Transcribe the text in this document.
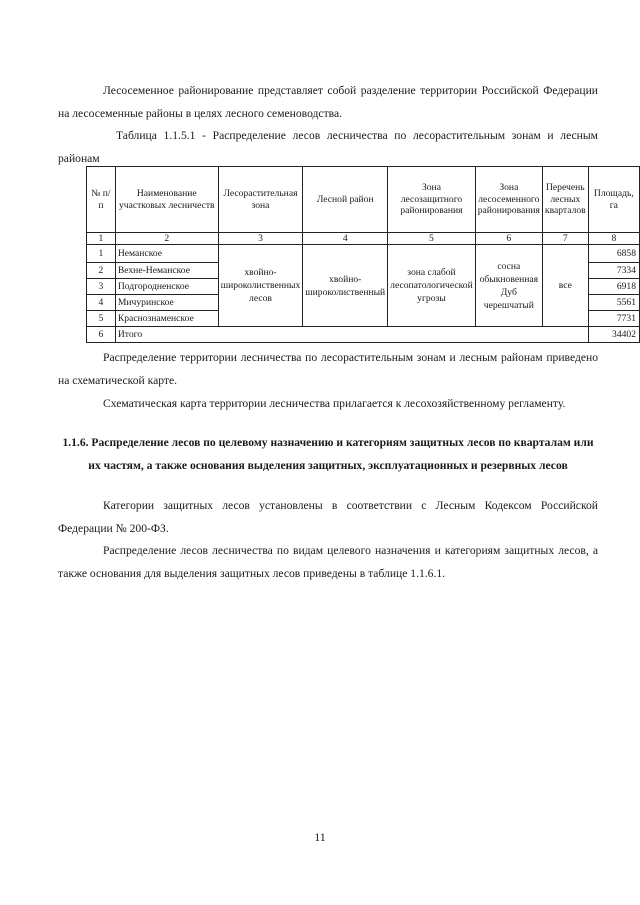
Лесосеменное районирование представляет собой разделение территории Российской Федерации на лесосеменные районы в целях лесного семеноводства.

Таблица 1.1.5.1 - Распределение лесов лесничества по лесорастительным зонам и лесным районам

№ п/п	Наименование участковых лесничеств	Лесорастительная зона	Лесной район	Зона лесозащитного районирования	Зона лесосеменного районирования	Перечень лесных кварталов	Площадь, га
1	2	3	4	5	6	7	8
1	Неманское	хвойно-широколиственных лесов	хвойно-широколиственный	зона слабой лесопатологической угрозы	сосна обыкновенная Дуб черешчатый	все	6858
2	Вехне-Неманское						7334
3	Подгородненское						6918
4	Мичуринское						5561
5	Краснознаменское						7731
6	Итого						34402

Распределение территории лесничества по лесорастительным зонам и лесным районам приведено на схематической карте.

Схематическая карта территории лесничества прилагается к лесохозяйственному регламенту.

1.1.6. Распределение лесов по целевому назначению и категориям защитных лесов по кварталам или их частям, а также основания выделения защитных, эксплуатационных и резервных лесов

Категории защитных лесов установлены в соответствии с Лесным Кодексом Российской Федерации № 200-ФЗ.

Распределение лесов лесничества по видам целевого назначения и категориям защитных лесов, а также основания для выделения защитных лесов приведены в таблице 1.1.6.1.

11
